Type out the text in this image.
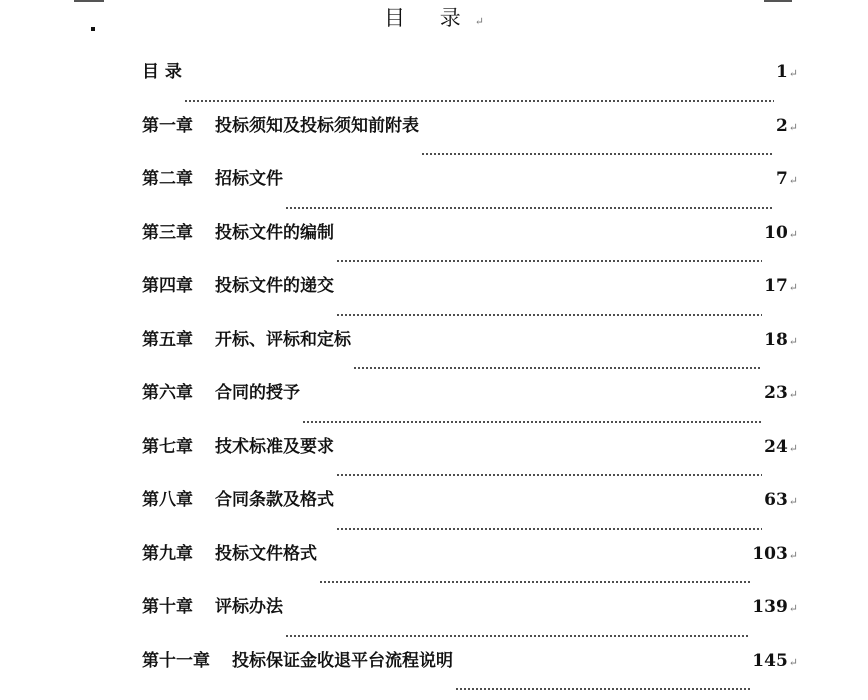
目 录↵
目 录	1 ↵
第一章 投标须知及投标须知前附表	2 ↵
第二章 招标文件	7 ↵
第三章 投标文件的编制	10 ↵
第四章 投标文件的递交	17 ↵
第五章 开标、评标和定标	18 ↵
第六章 合同的授予	23 ↵
第七章 技术标准及要求	24 ↵
第八章 合同条款及格式	63 ↵
第九章 投标文件格式	103 ↵
第十章 评标办法	139 ↵
第十一章 投标保证金收退平台流程说明	145 ↵
